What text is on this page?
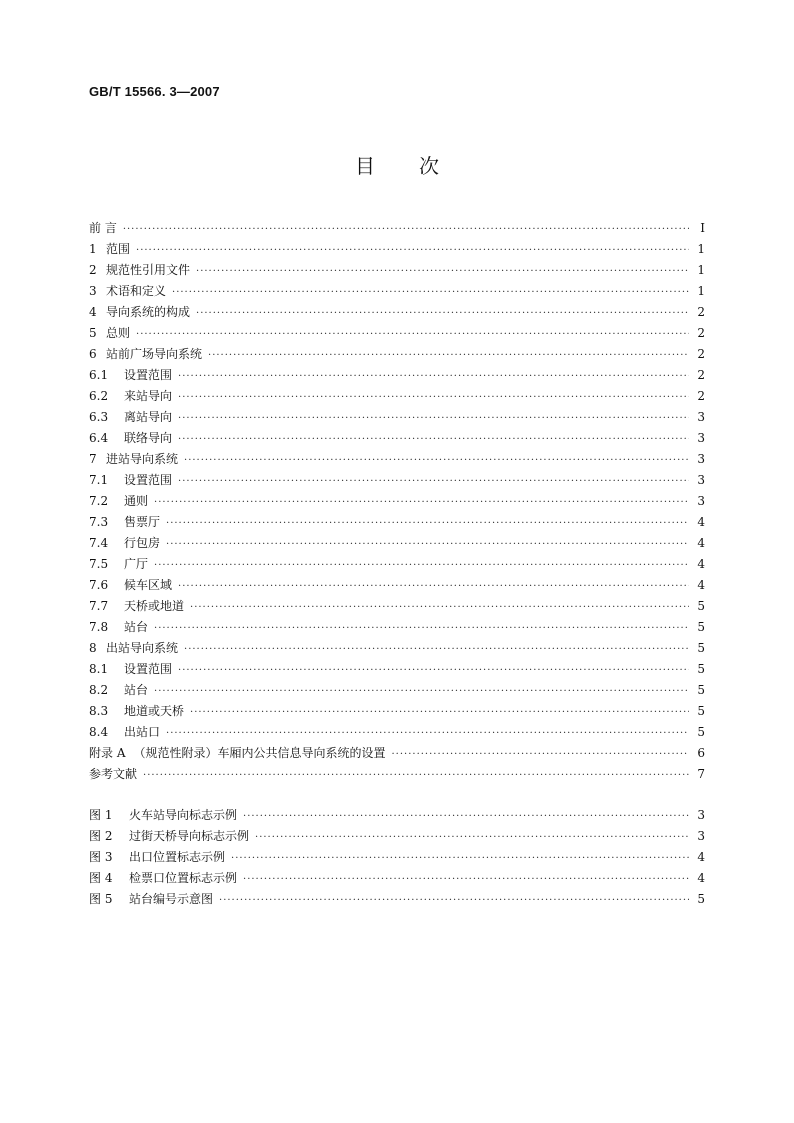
GB/T 15566. 3—2007
目 次
前 言 ·····	I
1 范围 ·····	1
2 规范性引用文件 ·····	1
3 术语和定义 ·····	1
4 导向系统的构成 ·····	2
5 总则 ·····	2
6 站前广场导向系统 ·····	2
6.1	设置范围 ·····	2
6.2	来站导向 ·····	2
6.3	离站导向 ·····	3
6.4	联络导向 ·····	3
7 进站导向系统 ·····	3
7.1	设置范围 ·····	3
7.2	通则 ·····	3
7.3	售票厅 ·····	4
7.4	行包房 ·····	4
7.5	广厅 ·····	4
7.6	候车区域 ·····	4
7.7	天桥或地道 ·····	5
7.8	站台 ·····	5
8 出站导向系统 ·····	5
8.1	设置范围 ·····	5
8.2	站台 ·····	5
8.3	地道或天桥 ·····	5
8.4	出站口 ·····	5
附录 A （规范性附录）车厢内公共信息导向系统的设置 ·····	6
参考文献 ·····	7
图 1	火车站导向标志示例 ·····	3
图 2	过街天桥导向标志示例 ·····	3
图 3	出口位置标志示例 ·····	4
图 4	检票口位置标志示例 ·····	4
图 5	站台编号示意图 ·····	5
